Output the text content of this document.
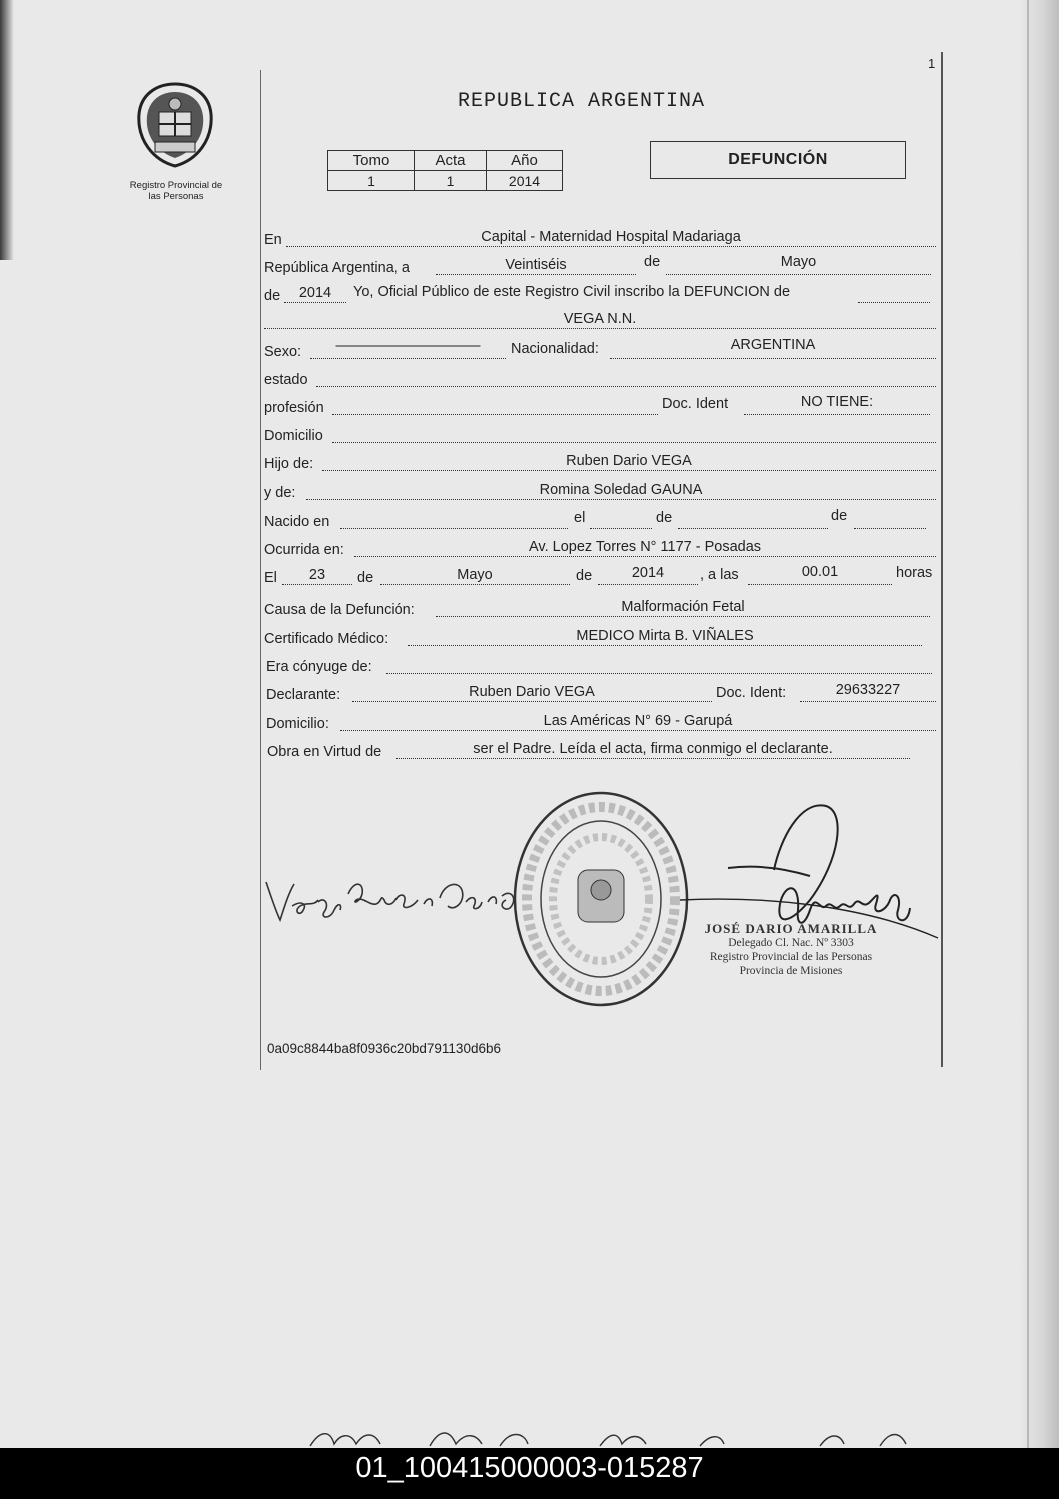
1
Registro Provincial de
las Personas
REPUBLICA ARGENTINA
Tomo	Acta	Año
1	1	2014
DEFUNCIÓN
En	Capital - Maternidad Hospital Madariaga
República Argentina, a	Veintiséis	de	Mayo
de	2014	Yo, Oficial Público de este Registro Civil inscribo la DEFUNCION de
VEGA N.N.
Sexo:	——————————	Nacionalidad:	ARGENTINA
estado
profesión	Doc. Ident	NO TIENE:
Domicilio
Hijo de:	Ruben Dario VEGA
y de:	Romina Soledad GAUNA
Nacido en	el	de	de
Ocurrida en:	Av. Lopez Torres N° 1177 - Posadas
El	23	de	Mayo	de	2014	, a las	00.01	horas
Causa de la Defunción:	Malformación Fetal
Certificado Médico:	MEDICO Mirta B. VIÑALES
Era cónyuge de:
Declarante:	Ruben Dario VEGA	Doc. Ident:	29633227
Domicilio:	Las Américas N° 69 - Garupá
Obra en Virtud de	ser el Padre. Leída el acta, firma conmigo el declarante.
JOSÉ DARIO AMARILLA
Delegado Cl. Nac. Nº 3303
Registro Provincial de las Personas
Provincia de Misiones
0a09c8844ba8f0936c20bd791130d6b6
01_100415000003-015287
